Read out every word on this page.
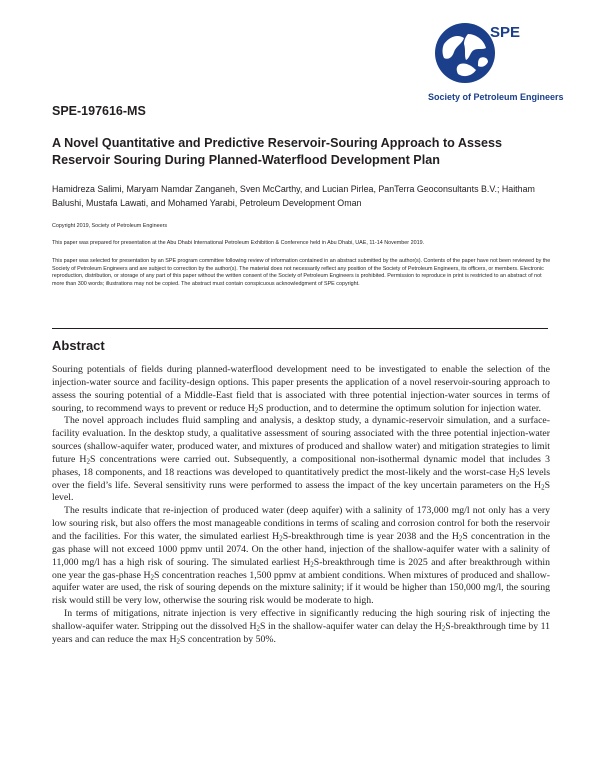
SPE
Society of Petroleum Engineers
SPE-197616-MS
A Novel Quantitative and Predictive Reservoir-Souring Approach to Assess Reservoir Souring During Planned-Waterflood Development Plan
Hamidreza Salimi, Maryam Namdar Zanganeh, Sven McCarthy, and Lucian Pirlea, PanTerra Geoconsultants B.V.; Haitham Balushi, Mustafa Lawati, and Mohamed Yarabi, Petroleum Development Oman
Copyright 2019, Society of Petroleum Engineers
This paper was prepared for presentation at the Abu Dhabi International Petroleum Exhibition & Conference held in Abu Dhabi, UAE, 11-14 November 2019.
This paper was selected for presentation by an SPE program committee following review of information contained in an abstract submitted by the author(s). Contents of the paper have not been reviewed by the Society of Petroleum Engineers and are subject to correction by the author(s). The material does not necessarily reflect any position of the Society of Petroleum Engineers, its officers, or members. Electronic reproduction, distribution, or storage of any part of this paper without the written consent of the Society of Petroleum Engineers is prohibited. Permission to reproduce in print is restricted to an abstract of not more than 300 words; illustrations may not be copied. The abstract must contain conspicuous acknowledgment of SPE copyright.
Abstract

Souring potentials of fields during planned-waterflood development need to be investigated to enable the selection of the injection-water source and facility-design options. This paper presents the application of a novel reservoir-souring approach to assess the souring potential of a Middle-East field that is associated with three potential injection-water sources in terms of souring, to recommend ways to prevent or reduce $H_2S$ production, and to determine the optimum solution for injection water.

The novel approach includes fluid sampling and analysis, a desktop study, a dynamic-reservoir simulation, and a surface-facility evaluation. In the desktop study, a qualitative assessment of souring associated with the three potential injection-water sources (shallow-aquifer water, produced water, and mixtures of produced and shallow water) and mitigation strategies to limit future $H_2S$ concentrations were carried out. Subsequently, a compositional non-isothermal dynamic model that includes 3 phases, 18 components, and 18 reactions was developed to quantitatively predict the most-likely and the worst-case $H_2S$ levels over the field’s life. Several sensitivity runs were performed to assess the impact of the key uncertain parameters on the $H_2S$ level.

The results indicate that re-injection of produced water (deep aquifer) with a salinity of 173,000 mg/l not only has a very low souring risk, but also offers the most manageable conditions in terms of scaling and corrosion control for both the reservoir and the facilities. For this water, the simulated earliest $H_2S$-breakthrough time is year 2038 and the $H_2S$ concentration in the gas phase will not exceed 1000 ppmv until 2074. On the other hand, injection of the shallow-aquifer water with a salinity of 11,000 mg/l has a high risk of souring. The simulated earliest $H_2S$-breakthrough time is 2025 and after breakthrough within one year the gas-phase $H_2S$ concentration reaches 1,500 ppmv at ambient conditions. When mixtures of produced and shallow-aquifer water are used, the risk of souring depends on the mixture salinity; if it would be higher than 150,000 mg/l, the souring risk would still be very low, otherwise the souring risk would be moderate to high.

In terms of mitigations, nitrate injection is very effective in significantly reducing the high souring risk of injecting the shallow-aquifer water. Stripping out the dissolved $H_2S$ in the shallow-aquifer water can delay the $H_2S$-breakthrough time by 11 years and can reduce the $\max H_2S$ concentration by 50%.
